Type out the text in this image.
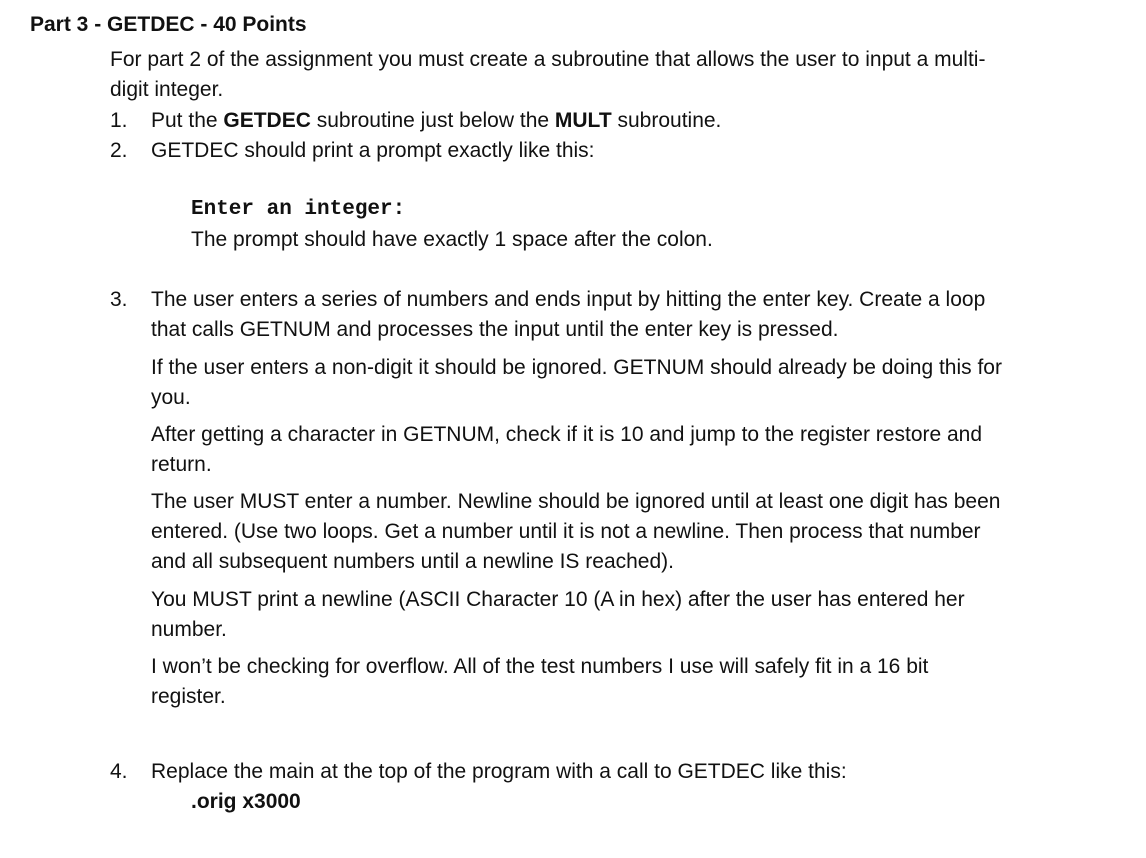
Part 3 - GETDEC - 40 Points
For part 2 of the assignment you must create a subroutine that allows the user to input a multi-
digit integer.
1. Put the GETDEC subroutine just below the MULT subroutine.
2. GETDEC should print a prompt exactly like this:
Enter an integer:
The prompt should have exactly 1 space after the colon.
3. The user enters a series of numbers and ends input by hitting the enter key. Create a loop
that calls GETNUM and processes the input until the enter key is pressed.
If the user enters a non-digit it should be ignored. GETNUM should already be doing this for
you.
After getting a character in GETNUM, check if it is 10 and jump to the register restore and
return.
The user MUST enter a number. Newline should be ignored until at least one digit has been
entered. (Use two loops. Get a number until it is not a newline. Then process that number
and all subsequent numbers until a newline IS reached).
You MUST print a newline (ASCII Character 10 (A in hex) after the user has entered her
number.
I won’t be checking for overflow. All of the test numbers I use will safely fit in a 16 bit
register.
4. Replace the main at the top of the program with a call to GETDEC like this:
.orig x3000
